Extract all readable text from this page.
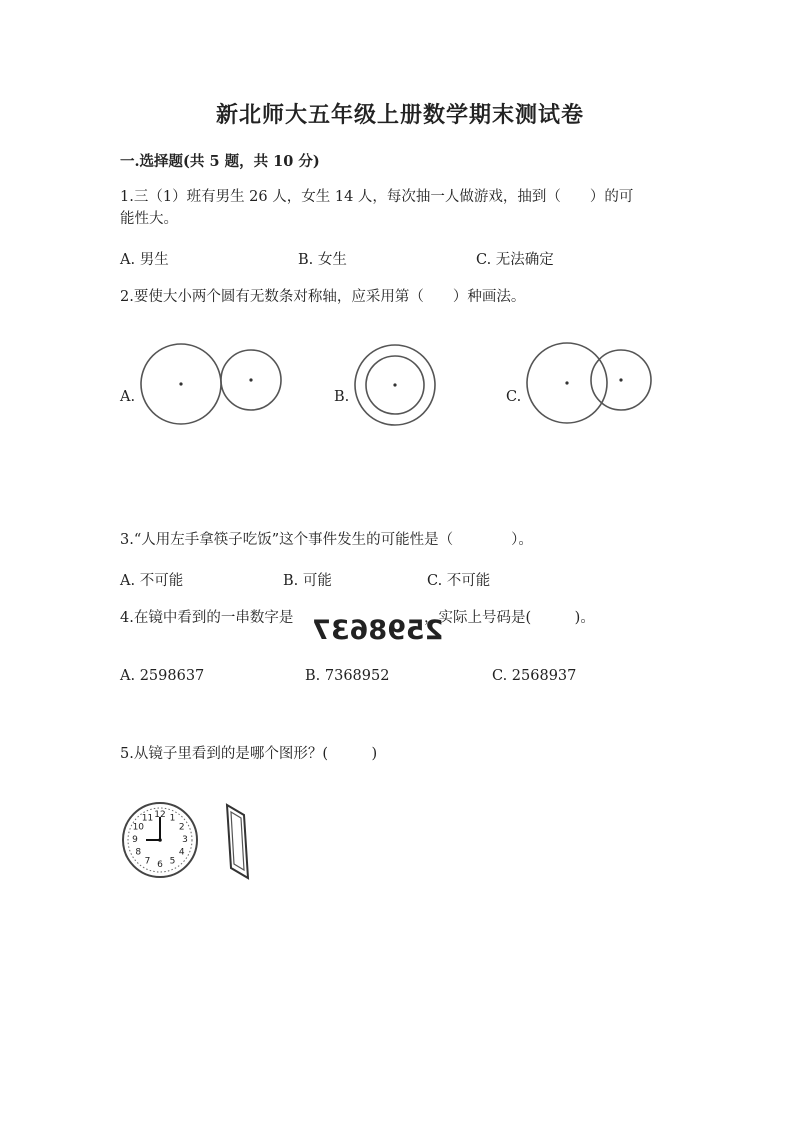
新北师大五年级上册数学期末测试卷
一.选择题(共 5 题，共 10 分)
1.三（1）班有男生 26 人，女生 14 人，每次抽一人做游戏，抽到（　　）的可
能性大。
A. 男生	B. 女生	C. 无法确定
2.要使大小两个圆有无数条对称轴，应采用第（　　）种画法。
A.	B.	C.
3.“人用左手拿筷子吃饭”这个事件发生的可能性是（　　　　）。
A. 不可能	B. 可能	C. 不可能
4.在镜中看到的一串数字是 2598637
，实际上号码是(　　　)。
A. 2598637	B. 7368952	C. 2568937
5.从镜子里看到的是哪个图形？(　　　)
12 1
2
3
4
5
6
7
8
9
10
11
